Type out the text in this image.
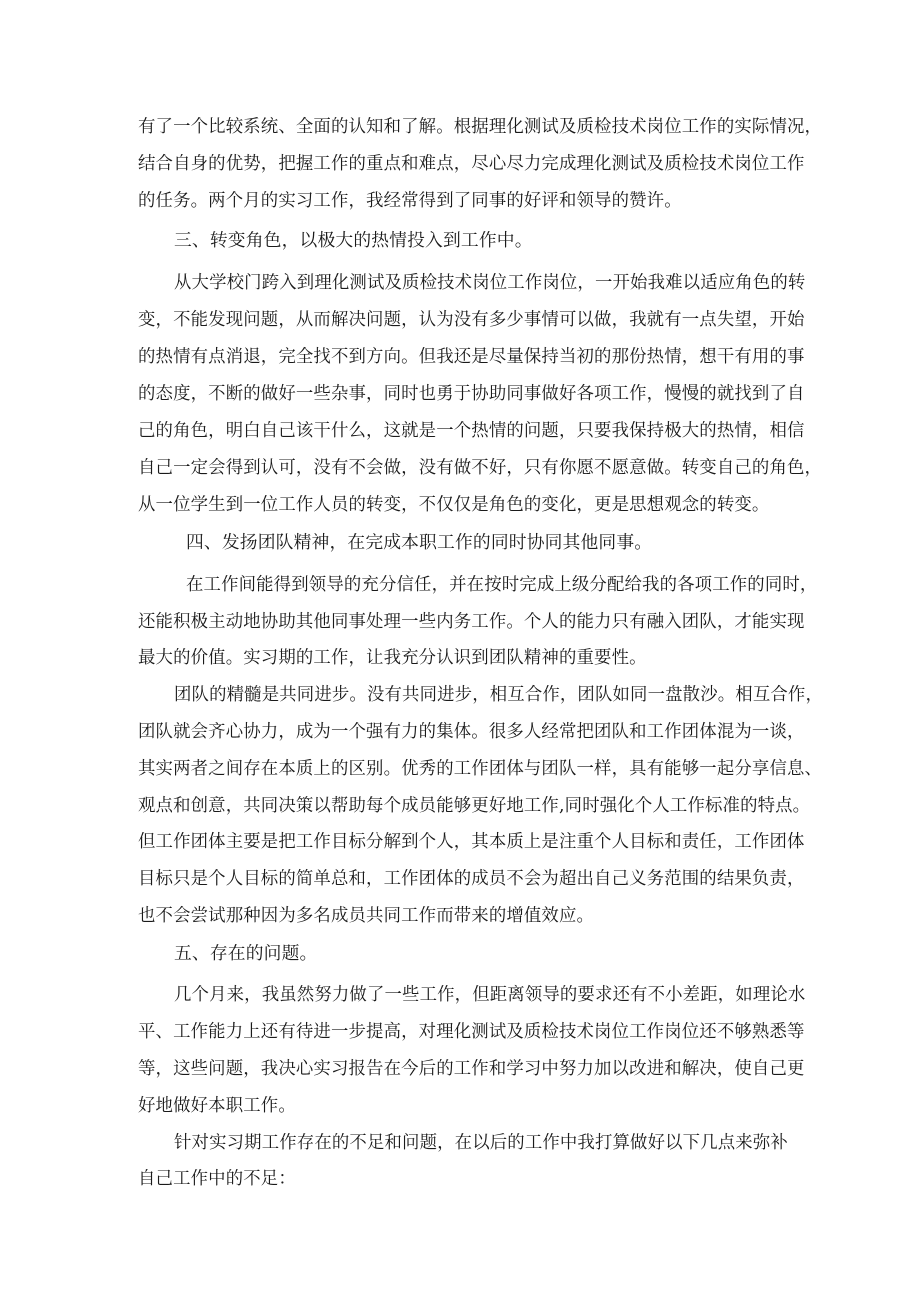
有了一个比较系统、全面的认知和了解。根据理化测试及质检技术岗位工作的实际情况，
结合自身的优势，把握工作的重点和难点，尽心尽力完成理化测试及质检技术岗位工作
的任务。两个月的实习工作，我经常得到了同事的好评和领导的赞许。
三、转变角色，以极大的热情投入到工作中。
从大学校门跨入到理化测试及质检技术岗位工作岗位，一开始我难以适应角色的转
变，不能发现问题，从而解决问题，认为没有多少事情可以做，我就有一点失望，开始
的热情有点消退，完全找不到方向。但我还是尽量保持当初的那份热情，想干有用的事
的态度，不断的做好一些杂事，同时也勇于协助同事做好各项工作，慢慢的就找到了自
己的角色，明白自己该干什么，这就是一个热情的问题，只要我保持极大的热情，相信
自己一定会得到认可，没有不会做，没有做不好，只有你愿不愿意做。转变自己的角色，
从一位学生到一位工作人员的转变，不仅仅是角色的变化，更是思想观念的转变。
四、发扬团队精神，在完成本职工作的同时协同其他同事。
在工作间能得到领导的充分信任，并在按时完成上级分配给我的各项工作的同时，
还能积极主动地协助其他同事处理一些内务工作。个人的能力只有融入团队，才能实现
最大的价值。实习期的工作，让我充分认识到团队精神的重要性。
团队的精髓是共同进步。没有共同进步，相互合作，团队如同一盘散沙。相互合作，
团队就会齐心协力，成为一个强有力的集体。很多人经常把团队和工作团体混为一谈，
其实两者之间存在本质上的区别。优秀的工作团体与团队一样，具有能够一起分享信息、
观点和创意，共同决策以帮助每个成员能够更好地工作,同时强化个人工作标准的特点。
但工作团体主要是把工作目标分解到个人，其本质上是注重个人目标和责任，工作团体
目标只是个人目标的简单总和，工作团体的成员不会为超出自己义务范围的结果负责，
也不会尝试那种因为多名成员共同工作而带来的增值效应。
五、存在的问题。
几个月来，我虽然努力做了一些工作，但距离领导的要求还有不小差距，如理论水
平、工作能力上还有待进一步提高，对理化测试及质检技术岗位工作岗位还不够熟悉等
等，这些问题，我决心实习报告在今后的工作和学习中努力加以改进和解决，使自己更
好地做好本职工作。
针对实习期工作存在的不足和问题，在以后的工作中我打算做好以下几点来弥补
自己工作中的不足：
